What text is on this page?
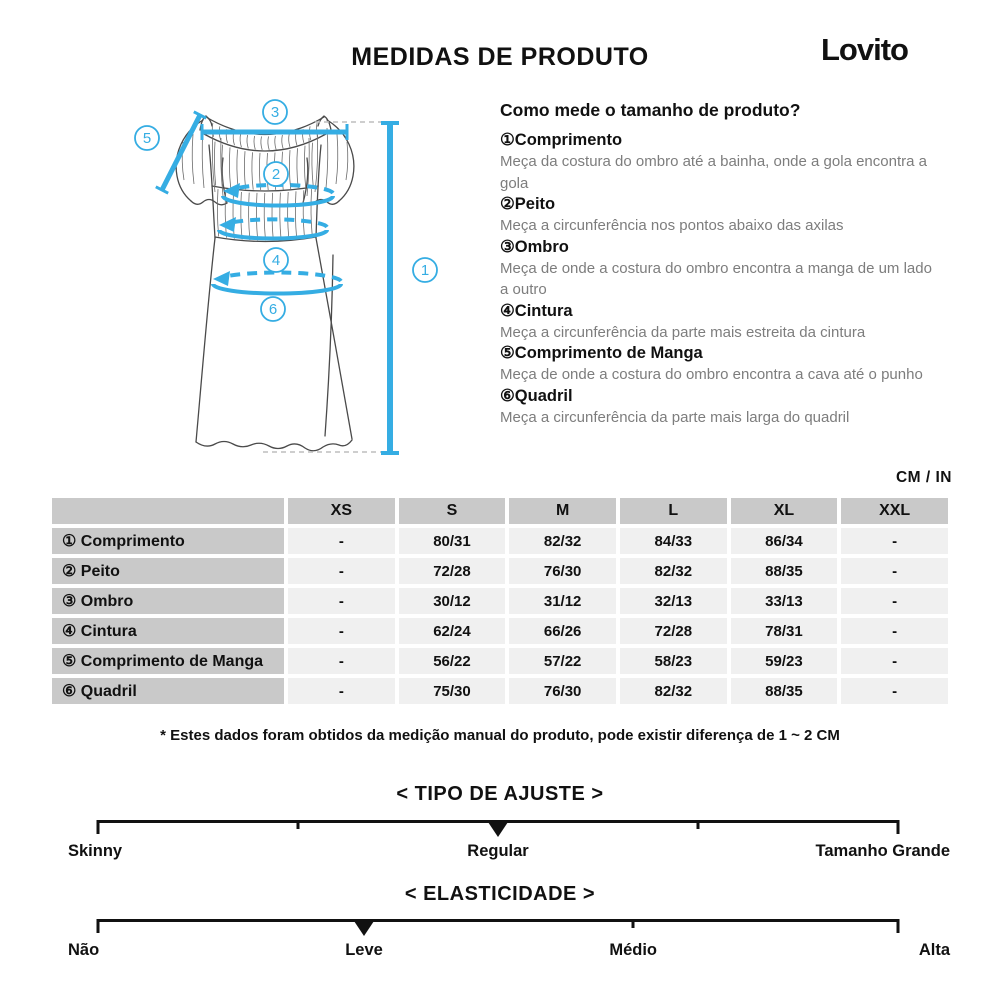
MEDIDAS DE PRODUTO	Lovito
1
2
3
4
5
6
Como mede o tamanho de produto?
①Comprimento
Meça da costura do ombro até a bainha, onde a gola encontra a gola
②Peito
Meça a circunferência nos pontos abaixo das axilas
③Ombro
Meça de onde a costura do ombro encontra a manga de um lado a outro
④Cintura
Meça a circunferência da parte mais estreita da cintura
⑤Comprimento de Manga
Meça de onde a costura do ombro encontra a cava até o punho
⑥Quadril
Meça a circunferência da parte mais larga do quadril
CM / IN
	XS	S	M	L	XL	XXL
① Comprimento	-	80/31	82/32	84/33	86/34	-
② Peito	-	72/28	76/30	82/32	88/35	-
③ Ombro	-	30/12	31/12	32/13	33/13	-
④ Cintura	-	62/24	66/26	72/28	78/31	-
⑤ Comprimento de Manga	-	56/22	57/22	58/23	59/23	-
⑥ Quadril	-	75/30	76/30	82/32	88/35	-
* Estes dados foram obtidos da medição manual do produto, pode existir diferença de 1 ~ 2 CM
< TIPO DE AJUSTE >
Skinny	Regular	Tamanho Grande
< ELASTICIDADE >
Não	Leve	Médio	Alta
